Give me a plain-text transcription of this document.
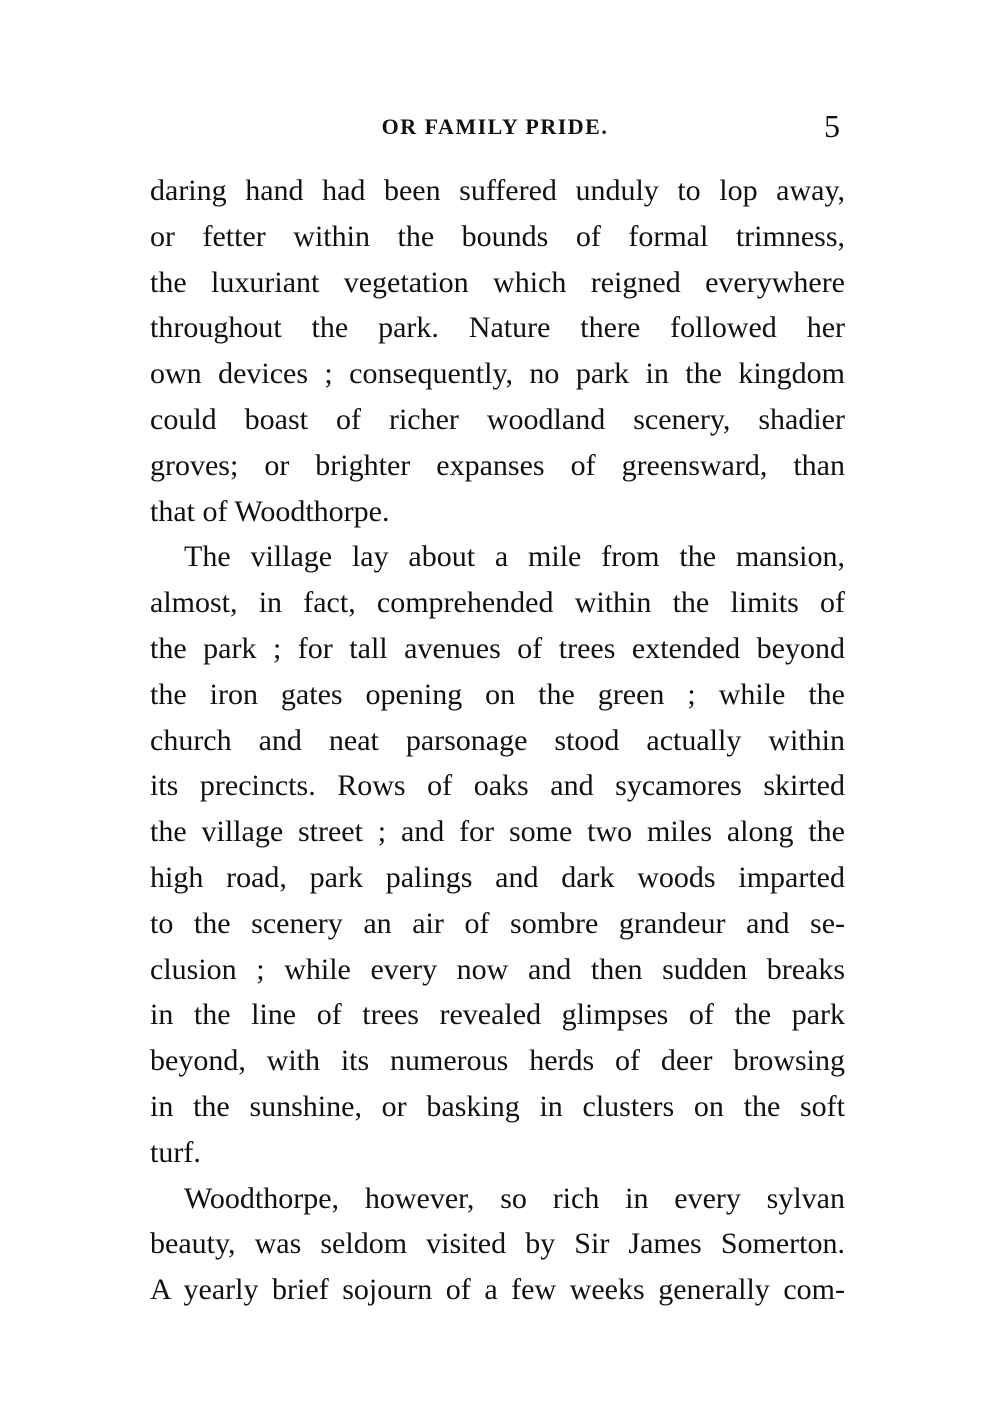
OR FAMILY PRIDE.	5

daring hand had been suffered unduly to lop away,
or fetter within the bounds of formal trimness,
the luxuriant vegetation which reigned everywhere
throughout the park. Nature there followed her
own devices ; consequently, no park in the kingdom
could boast of richer woodland scenery, shadier
groves; or brighter expanses of greensward, than
that of Woodthorpe.

The village lay about a mile from the mansion,
almost, in fact, comprehended within the limits of
the park ; for tall avenues of trees extended beyond
the iron gates opening on the green ; while the
church and neat parsonage stood actually within
its precincts. Rows of oaks and sycamores skirted
the village street ; and for some two miles along the
high road, park palings and dark woods imparted
to the scenery an air of sombre grandeur and se-
clusion ; while every now and then sudden breaks
in the line of trees revealed glimpses of the park
beyond, with its numerous herds of deer browsing
in the sunshine, or basking in clusters on the soft
turf.

Woodthorpe, however, so rich in every sylvan
beauty, was seldom visited by Sir James Somerton.
A yearly brief sojourn of a few weeks generally com-
